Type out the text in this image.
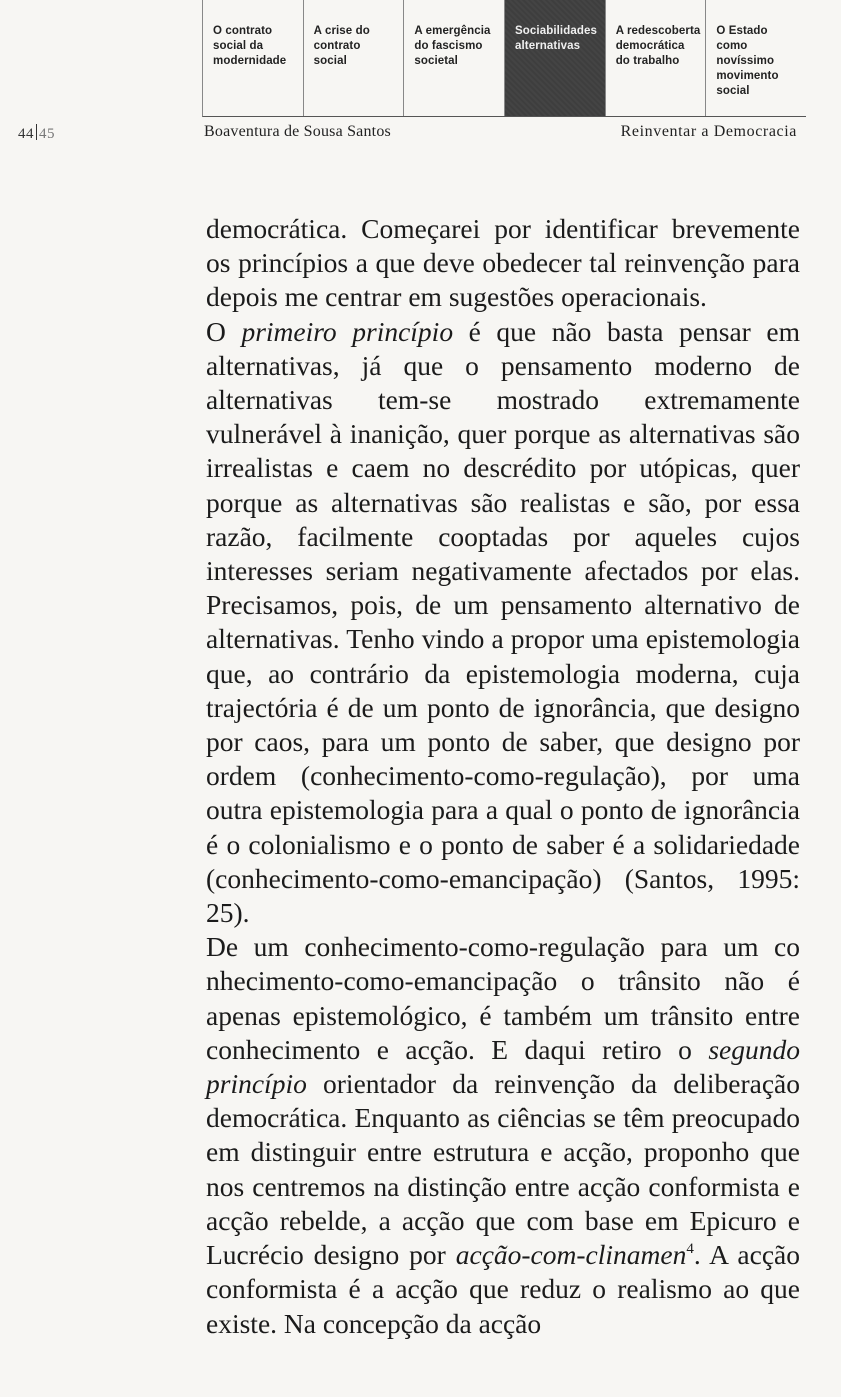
O contrato
social da
modernidade
A crise do
contrato
social
A emergência
do fascismo
societal
Sociabilidades
alternativas
A redescoberta
democrática
do trabalho
O Estado
como
novíssimo
movimento
social
44 45	Boaventura de Sousa Santos	Reinventar a Democracia

democrática. Começarei por identificar brevemente os princípios a que deve obedecer tal reinvenção para depois me centrar em sugestões operacionais.
O primeiro princípio é que não basta pensar em alternativas, já que o pensamento moderno de alternativas tem-se mostrado extremamente vulnerável à inanição, quer porque as alternativas são irrealistas e caem no descrédito por utópicas, quer porque as alternativas são realistas e são, por essa razão, facilmente cooptadas por aqueles cujos interesses seriam negativamente afectados por elas. Precisamos, pois, de um pensamento alternativo de alternativas. Tenho vindo a propor uma epistemologia que, ao contrário da epistemologia moderna, cuja trajectória é de um ponto de ignorância, que designo por caos, para um ponto de saber, que designo por ordem (conhecimento-como-regulação), por uma outra epistemologia para a qual o ponto de ignorância é o colonialismo e o ponto de saber é a solidariedade (conhecimento-como-emancipação) (Santos, 1995: 25).
De um conhecimento-como-regulação para um co nhecimento-como-emancipação o trânsito não é apenas epistemológico, é também um trânsito entre conhecimento e acção. E daqui retiro o segundo princípio orientador da reinvenção da deliberação democrática. Enquanto as ciências se têm preocupado em distinguir entre estrutura e acção, proponho que nos centremos na distinção entre acção conformista e acção rebelde, a acção que com base em Epicuro e Lucrécio designo por acção-com-clinamen$^4$. A acção conformista é a acção que reduz o realismo ao que existe. Na concepção da acção
